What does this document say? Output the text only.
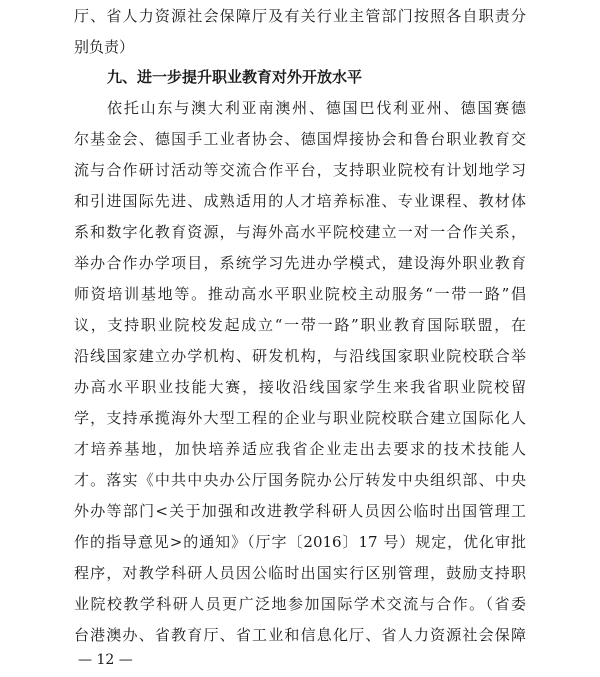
厅、省人力资源社会保障厅及有关行业主管部门按照各自职责分
别负责）
九、进一步提升职业教育对外开放水平
依托山东与澳大利亚南澳州、德国巴伐利亚州、德国赛德
尔基金会、德国手工业者协会、德国焊接协会和鲁台职业教育交
流与合作研讨活动等交流合作平台，支持职业院校有计划地学习
和引进国际先进、成熟适用的人才培养标准、专业课程、教材体
系和数字化教育资源，与海外高水平院校建立一对一合作关系，
举办合作办学项目，系统学习先进办学模式，建设海外职业教育
师资培训基地等。推动高水平职业院校主动服务“一带一路”倡
议，支持职业院校发起成立“一带一路”职业教育国际联盟，在
沿线国家建立办学机构、研发机构，与沿线国家职业院校联合举
办高水平职业技能大赛，接收沿线国家学生来我省职业院校留
学，支持承揽海外大型工程的企业与职业院校联合建立国际化人
才培养基地，加快培养适应我省企业走出去要求的技术技能人
才。落实《中共中央办公厅国务院办公厅转发中央组织部、中央
外办等部门<关于加强和改进教学科研人员因公临时出国管理工
作的指导意见>的通知》（厅字〔2016〕17 号）规定，优化审批
程序，对教学科研人员因公临时出国实行区别管理，鼓励支持职
业院校教学科研人员更广泛地参加国际学术交流与合作。（省委
台港澳办、省教育厅、省工业和信息化厅、省人力资源社会保障
— 12 —
